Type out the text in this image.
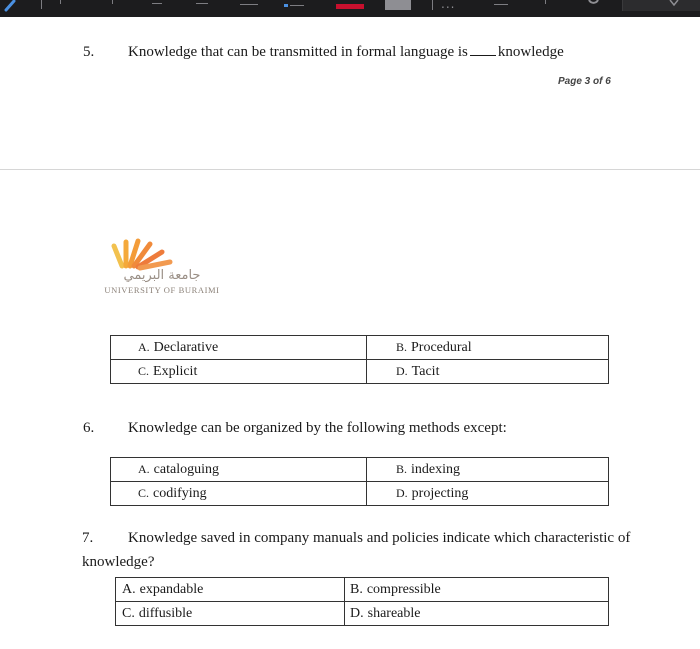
...
5. Knowledge that can be transmitted in formal language is knowledge
Page 3 of 6
جامعة البريمي
UNIVERSITY OF BURAIMI
A. Declarative	B. Procedural
C. Explicit	D. Tacit
6. Knowledge can be organized by the following methods except:
A. cataloguing	B. indexing
C. codifying	D. projecting
7. Knowledge saved in company manuals and policies indicate which characteristic of
knowledge?
A. expandable	B. compressible
C. diffusible	D. shareable
